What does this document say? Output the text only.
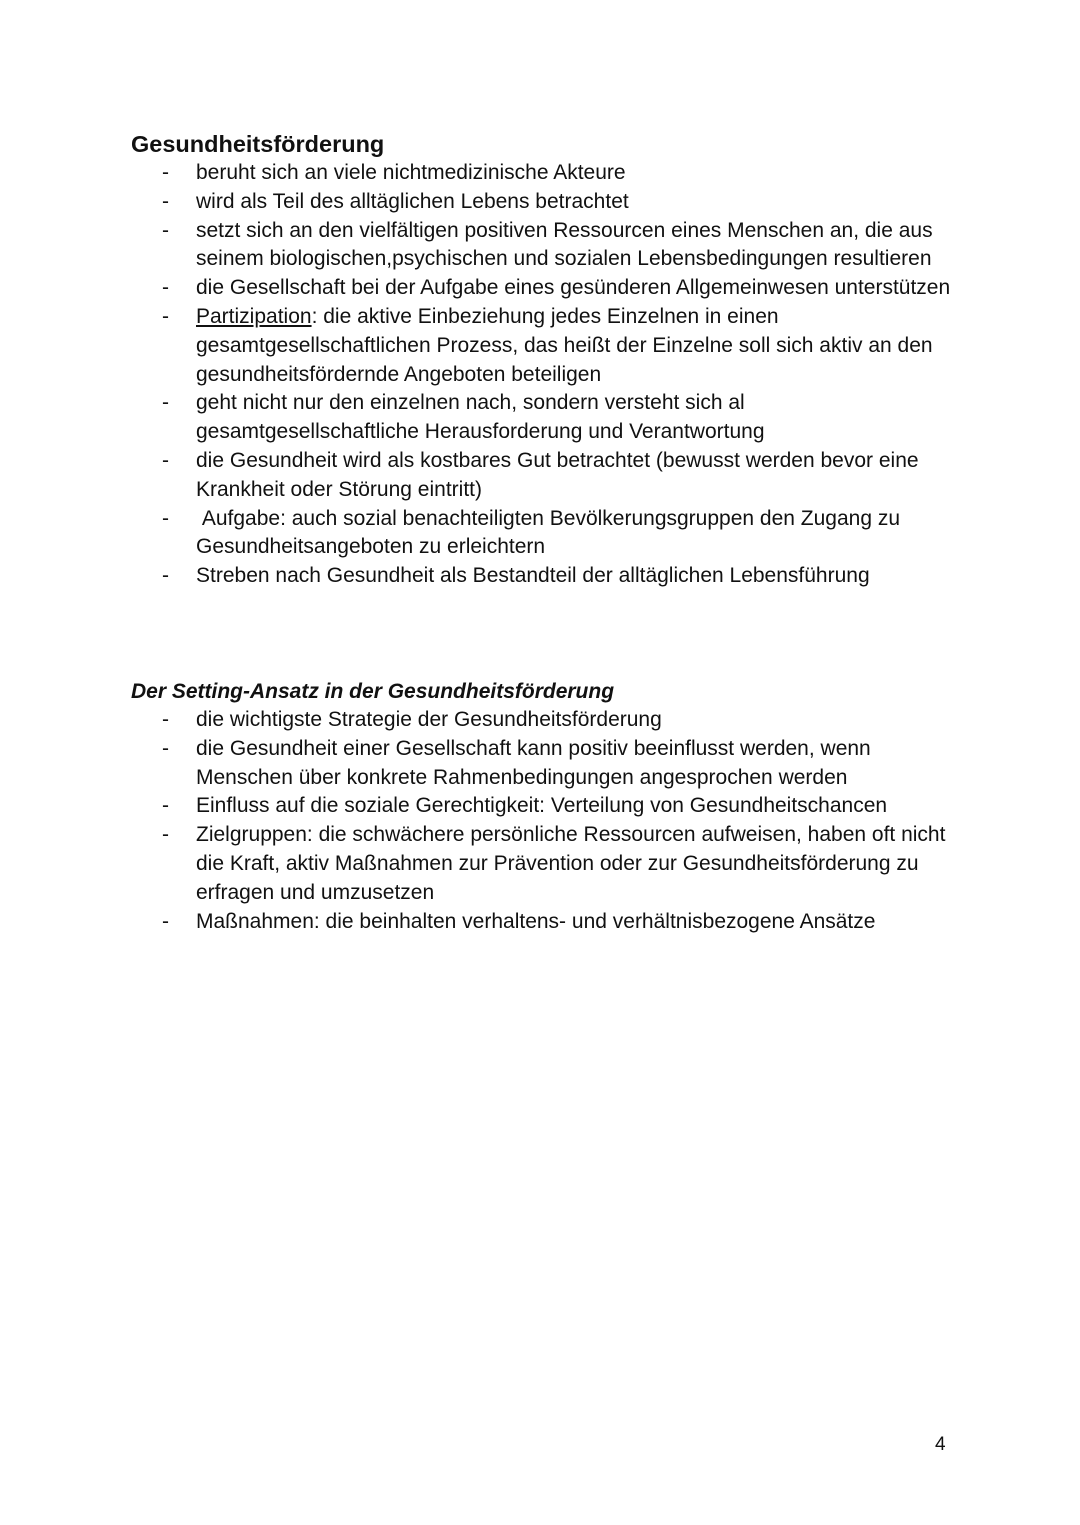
Gesundheitsförderung
-	beruht sich an viele nichtmedizinische Akteure
-	wird als Teil des alltäglichen Lebens betrachtet
-	setzt sich an den vielfältigen positiven Ressourcen eines Menschen an, die aus seinem biologischen,psychischen und sozialen Lebensbedingungen resultieren
-	die Gesellschaft bei der Aufgabe eines gesünderen Allgemeinwesen unterstützen
-	Partizipation: die aktive Einbeziehung jedes Einzelnen in einen gesamtgesellschaftlichen Prozess, das heißt der Einzelne soll sich aktiv an den gesundheitsfördernde Angeboten beteiligen
-	geht nicht nur den einzelnen nach, sondern versteht sich al gesamtgesellschaftliche Herausforderung und Verantwortung
-	die Gesundheit wird als kostbares Gut betrachtet (bewusst werden bevor eine Krankheit oder Störung eintritt)
-	Aufgabe: auch sozial benachteiligten Bevölkerungsgruppen den Zugang zu Gesundheitsangeboten zu erleichtern
-	Streben nach Gesundheit als Bestandteil der alltäglichen Lebensführung
Der Setting-Ansatz in der Gesundheitsförderung
-	die wichtigste Strategie der Gesundheitsförderung
-	die Gesundheit einer Gesellschaft kann positiv beeinflusst werden, wenn Menschen über konkrete Rahmenbedingungen angesprochen werden
-	Einfluss auf die soziale Gerechtigkeit: Verteilung von Gesundheitschancen
-	Zielgruppen: die schwächere persönliche Ressourcen aufweisen, haben oft nicht die Kraft, aktiv Maßnahmen zur Prävention oder zur Gesundheitsförderung zu erfragen und umzusetzen
-	Maßnahmen: die beinhalten verhaltens- und verhältnisbezogene Ansätze
4
